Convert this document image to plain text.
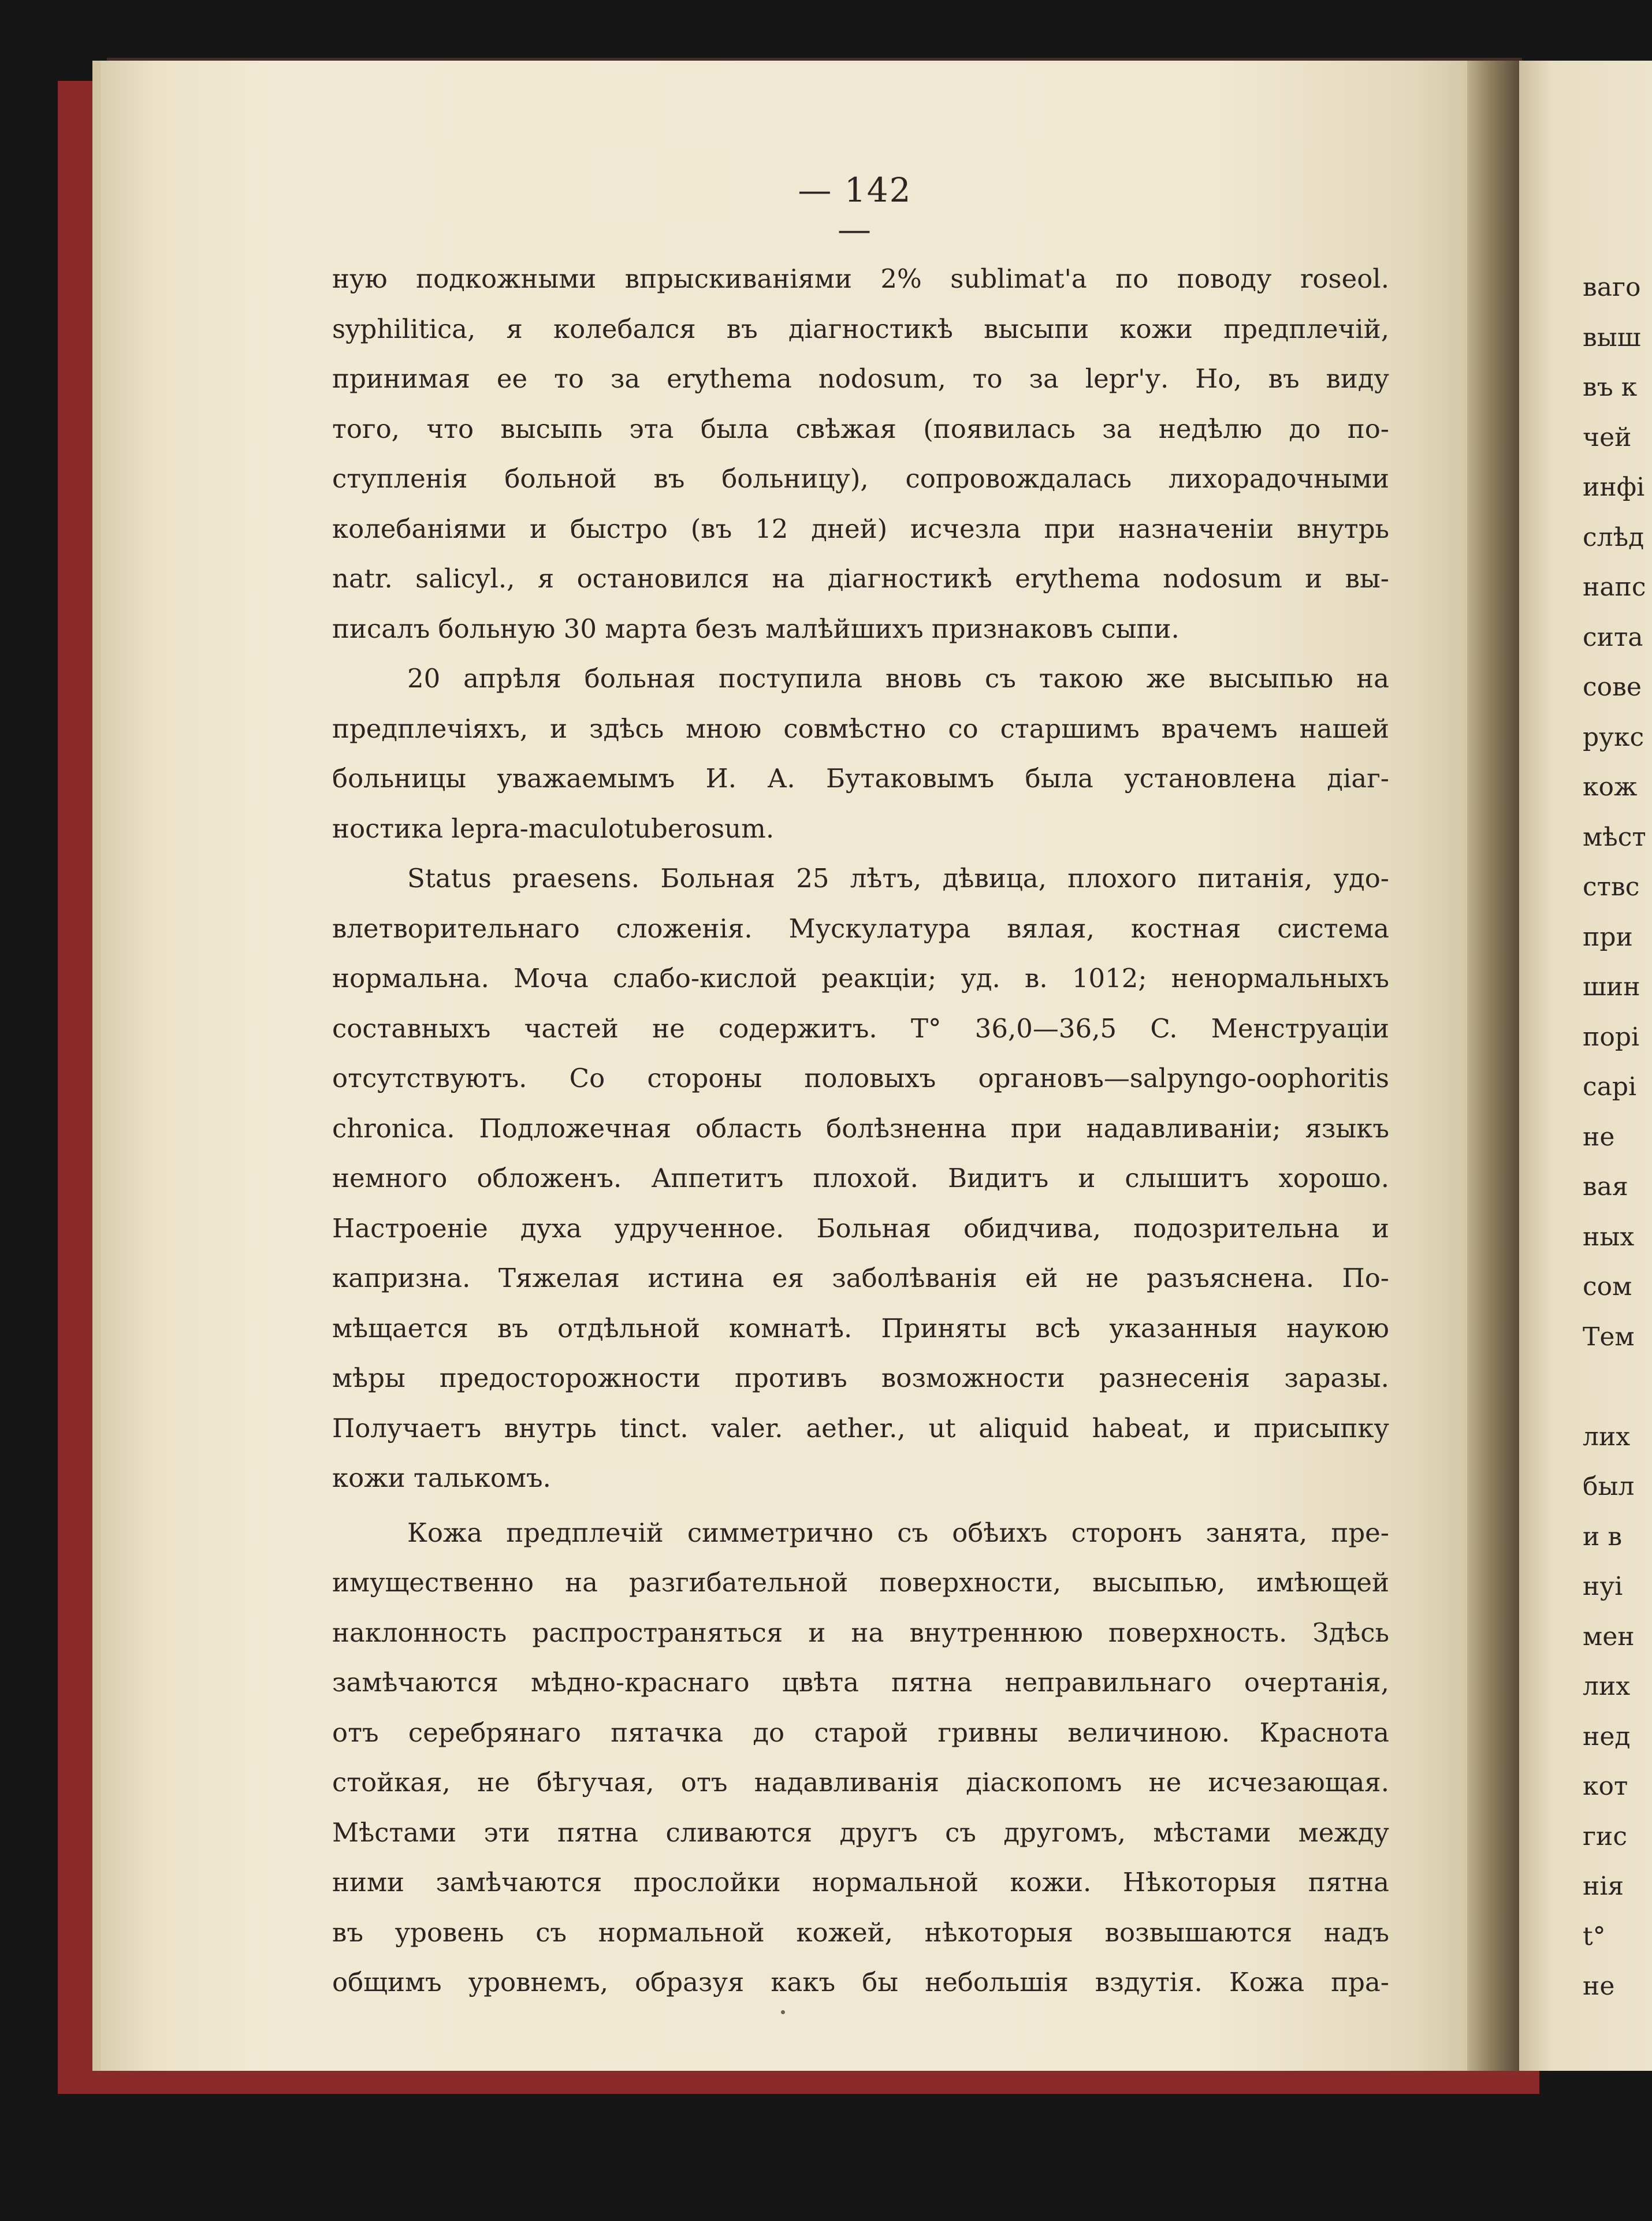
— 142 —
ную подкожными впрыскиваніями 2% sublimat'a по поводу roseol.
syphilitica, я колебался въ діагностикѣ высыпи кожи предплечій,
принимая ее то за erythema nodosum, то за lepr'у. Но, въ виду
того, что высыпь эта была свѣжая (появилась за недѣлю до по-
ступленія больной въ больницу), сопровождалась лихорадочными
колебаніями и быстро (въ 12 дней) исчезла при назначеніи внутрь
natr. salicyl., я остановился на діагностикѣ erythema nodosum и вы-
писалъ больную 30 марта безъ малѣйшихъ признаковъ сыпи.
20 апрѣля больная поступила вновь съ такою же высыпью на
предплечіяхъ, и здѣсь мною совмѣстно со старшимъ врачемъ нашей
больницы уважаемымъ И. А. Бутаковымъ была установлена діаг-
ностика lepra-maculotuberosum.
Status praesens. Больная 25 лѣтъ, дѣвица, плохого питанія, удо-
влетворительнаго сложенія. Мускулатура вялая, костная система
нормальна. Моча слабо-кислой реакціи; уд. в. 1012; ненормальныхъ
составныхъ частей не содержитъ. T° 36,0—36,5 C. Менструаціи
отсутствуютъ. Со стороны половыхъ органовъ—salpyngo-oophoritis
chronica. Подложечная область болѣзненна при надавливаніи; языкъ
немного обложенъ. Аппетитъ плохой. Видитъ и слышитъ хорошо.
Настроеніе духа удрученное. Больная обидчива, подозрительна и
капризна. Тяжелая истина ея заболѣванія ей не разъяснена. По-
мѣщается въ отдѣльной комнатѣ. Приняты всѣ указанныя наукою
мѣры предосторожности противъ возможности разнесенія заразы.
Получаетъ внутрь tinct. valer. aether., ut aliquid habeat, и присыпку
кожи талькомъ.
Кожа предплечій симметрично съ обѣихъ сторонъ занята, пре-
имущественно на разгибательной поверхности, высыпью, имѣющей
наклонность распространяться и на внутреннюю поверхность. Здѣсь
замѣчаются мѣдно-краснаго цвѣта пятна неправильнаго очертанія,
отъ серебрянаго пятачка до старой гривны величиною. Краснота
стойкая, не бѣгучая, отъ надавливанія діаскопомъ не исчезающая.
Мѣстами эти пятна сливаются другъ съ другомъ, мѣстами между
ними замѣчаются прослойки нормальной кожи. Нѣкоторыя пятна
въ уровень съ нормальной кожей, нѣкоторыя возвышаются надъ
общимъ уровнемъ, образуя какъ бы небольшія вздутія. Кожа пра-
ваго
выш
въ к
чей
инфі
слѣд
напс
сита
сове
рукс
кож
мѣст
ствс
при
шин
порі
сарі
не
вая
ных
сом
Тем
лих
был
и в
нуі
мен
лих
нед
кот
гис
нія
t°
не
